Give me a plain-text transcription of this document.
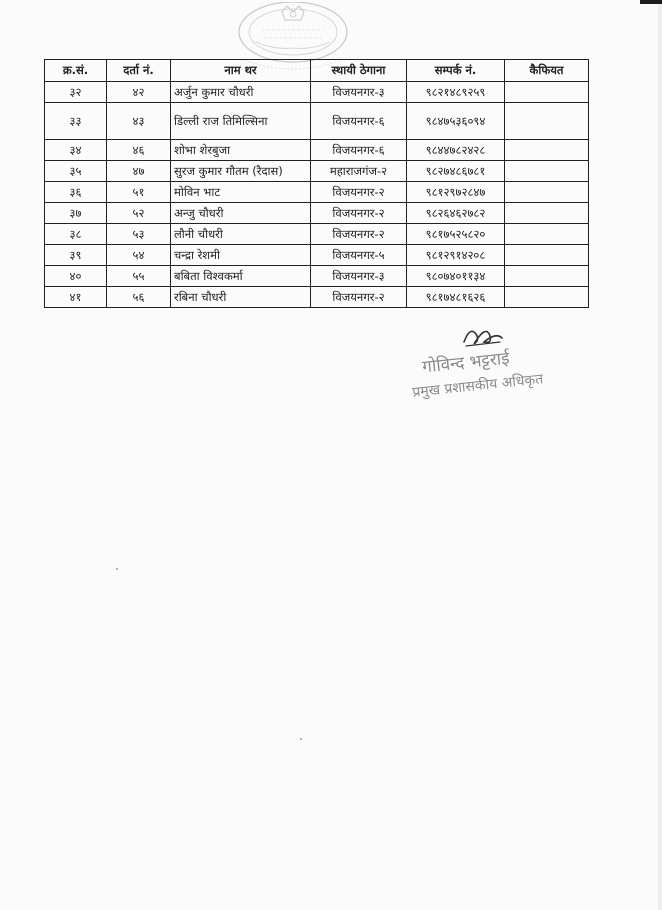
क्र.सं.	दर्ता नं.	नाम थर	स्थायी ठेगाना	सम्पर्क नं.	कैफियत
३२	४२	अर्जुन कुमार चौधरी	विजयनगर-३	९८२१४८९२५९	
३३	४३	डिल्ली राज तिमिल्सिना	विजयनगर-६	९८४७५३६०९४	
३४	४६	शोभा शेरबुजा	विजयनगर-६	९८४४७८२४२८	
३५	४७	सुरज कुमार गौतम (रैदास)	महाराजगंज-२	९८२७४८६७८१	
३६	५१	मोविन भाट	विजयनगर-२	९८१२९७२८४७	
३७	५२	अन्जु चौधरी	विजयनगर-२	९८२६४६२७८२	
३८	५३	लौनी चौधरी	विजयनगर-२	९८१७५२५८२०	
३९	५४	चन्द्रा रेशमी	विजयनगर-५	९८१२९१४२०८	
४०	५५	बबिता विश्वकर्मा	विजयनगर-३	९८०७४०११३४	
४१	५६	रबिना चौधरी	विजयनगर-२	९८१७४८१६२६	
गोविन्द भट्टराई
प्रमुख प्रशासकीय अधिकृत
